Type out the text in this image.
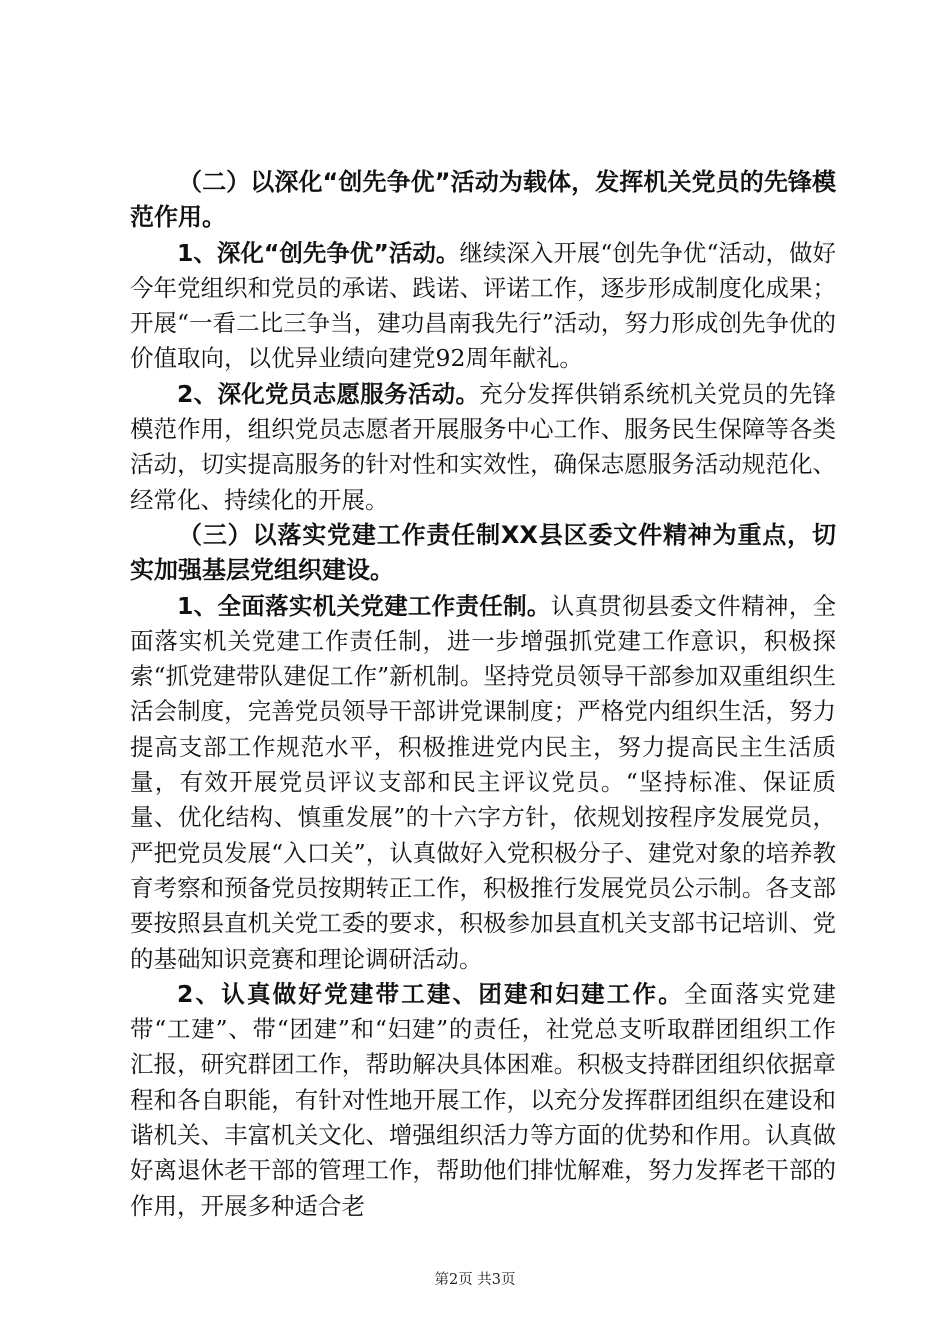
（二）以深化“创先争优”活动为载体，发挥机关党员的先锋模范作用。

1、深化“创先争优”活动。继续深入开展“创先争优“活动，做好今年党组织和党员的承诺、践诺、评诺工作，逐步形成制度化成果；开展“一看二比三争当，建功昌南我先行”活动，努力形成创先争优的价值取向，以优异业绩向建党92周年献礼。

2、深化党员志愿服务活动。充分发挥供销系统机关党员的先锋模范作用，组织党员志愿者开展服务中心工作、服务民生保障等各类活动，切实提高服务的针对性和实效性，确保志愿服务活动规范化、经常化、持续化的开展。

（三）以落实党建工作责任制XX县区委文件精神为重点，切实加强基层党组织建设。

1、全面落实机关党建工作责任制。认真贯彻县委文件精神，全面落实机关党建工作责任制，进一步增强抓党建工作意识，积极探索“抓党建带队建促工作”新机制。坚持党员领导干部参加双重组织生活会制度，完善党员领导干部讲党课制度；严格党内组织生活，努力提高支部工作规范水平，积极推进党内民主，努力提高民主生活质量，有效开展党员评议支部和民主评议党员。“坚持标准、保证质量、优化结构、慎重发展”的十六字方针，依规划按程序发展党员，严把党员发展“入口关”，认真做好入党积极分子、建党对象的培养教育考察和预备党员按期转正工作，积极推行发展党员公示制。各支部要按照县直机关党工委的要求，积极参加县直机关支部书记培训、党的基础知识竞赛和理论调研活动。

2、认真做好党建带工建、团建和妇建工作。全面落实党建带“工建”、带“团建”和“妇建”的责任，社党总支听取群团组织工作汇报，研究群团工作，帮助解决具体困难。积极支持群团组织依据章程和各自职能，有针对性地开展工作，以充分发挥群团组织在建设和谐机关、丰富机关文化、增强组织活力等方面的优势和作用。认真做好离退休老干部的管理工作，帮助他们排忧解难，努力发挥老干部的作用，开展多种适合老

第2页 共3页
